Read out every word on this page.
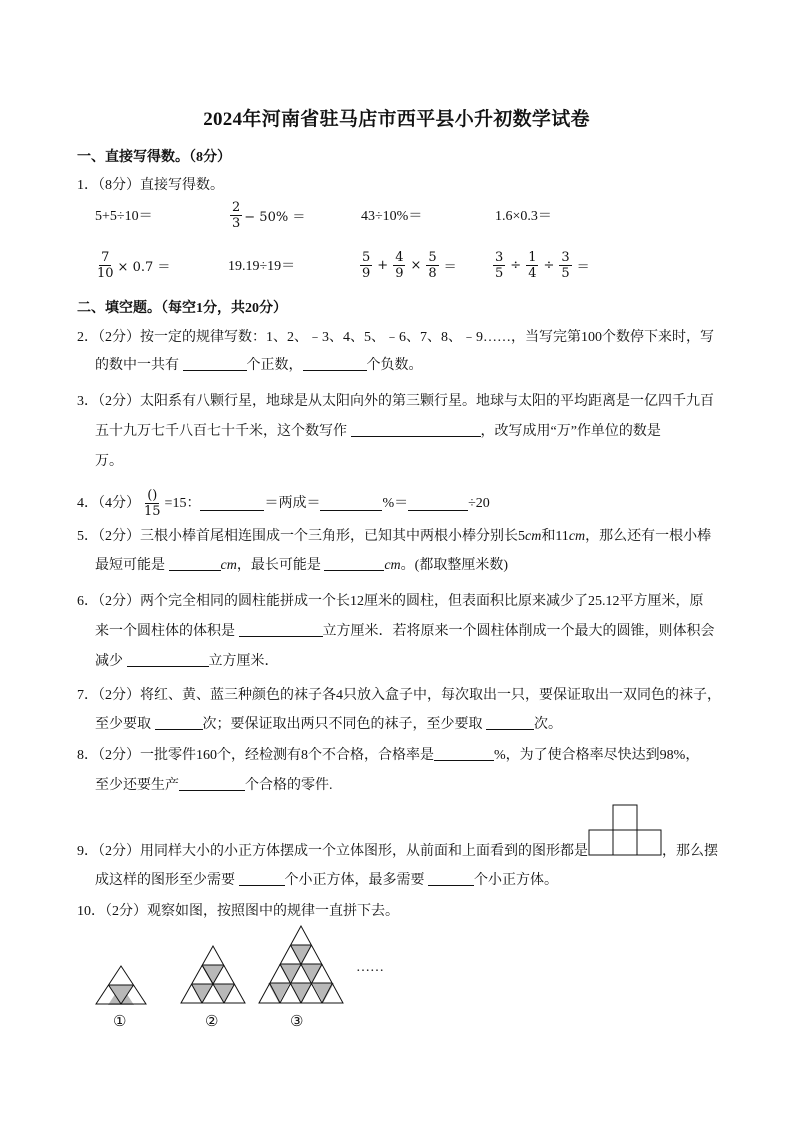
2024年河南省驻马店市西平县小升初数学试卷
一、直接写得数。（8分）
1．（8分）直接写得数。
5+5÷10＝	$\frac{2}{3} - 50\%$ ＝	43÷10%＝	1.6×0.3＝
$\frac{7}{10} \times 0.7$ ＝	19.19÷19＝	$\frac{5}{9} + \frac{4}{9} \times \frac{5}{8}$ ＝	$\frac{3}{5} \div \frac{1}{4} \div \frac{3}{5}$ ＝
二、填空题。（每空1分，共20分）
2．（2分）按一定的规律写数：1、2、﹣3、4、5、﹣6、7、8、﹣9……，当写完第100个数停下来时，写
的数中一共有	个正数，	个负数。
3．（2分）太阳系有八颗行星，地球是从太阳向外的第三颗行星。地球与太阳的平均距离是一亿四千九百
五十九万七千八百七十千米，这个数写作	，改写成用“万”作单位的数是
万。
4．（4分） $\frac{()}{15} =15$：	＝两成＝	%＝	÷20
5．（2分）三根小棒首尾相连围成一个三角形，已知其中两根小棒分别长5cm和11cm，那么还有一根小棒
最短可能是	cm，最长可能是	cm。(都取整厘米数)
6．（2分）两个完全相同的圆柱能拼成一个长12厘米的圆柱，但表面积比原来减少了25.12平方厘米，原
来一个圆柱体的体积是	立方厘米．若将原来一个圆柱体削成一个最大的圆锥，则体积会
减少	立方厘米．
7．（2分）将红、黄、蓝三种颜色的袜子各4只放入盒子中，每次取出一只，要保证取出一双同色的袜子，
至少要取	次；要保证取出两只不同色的袜子，至少要取	次。
8．（2分）一批零件160个，经检测有8个不合格，合格率是	%，为了使合格率尽快达到98%，
至少还要生产	个合格的零件.
9．（2分）用同样大小的小正方体摆成一个立体图形，从前面和上面看到的图形都是	，那么摆
成这样的图形至少需要	个小正方体，最多需要	个小正方体。
10．（2分）观察如图，按照图中的规律一直拼下去。
①	②	③
……
